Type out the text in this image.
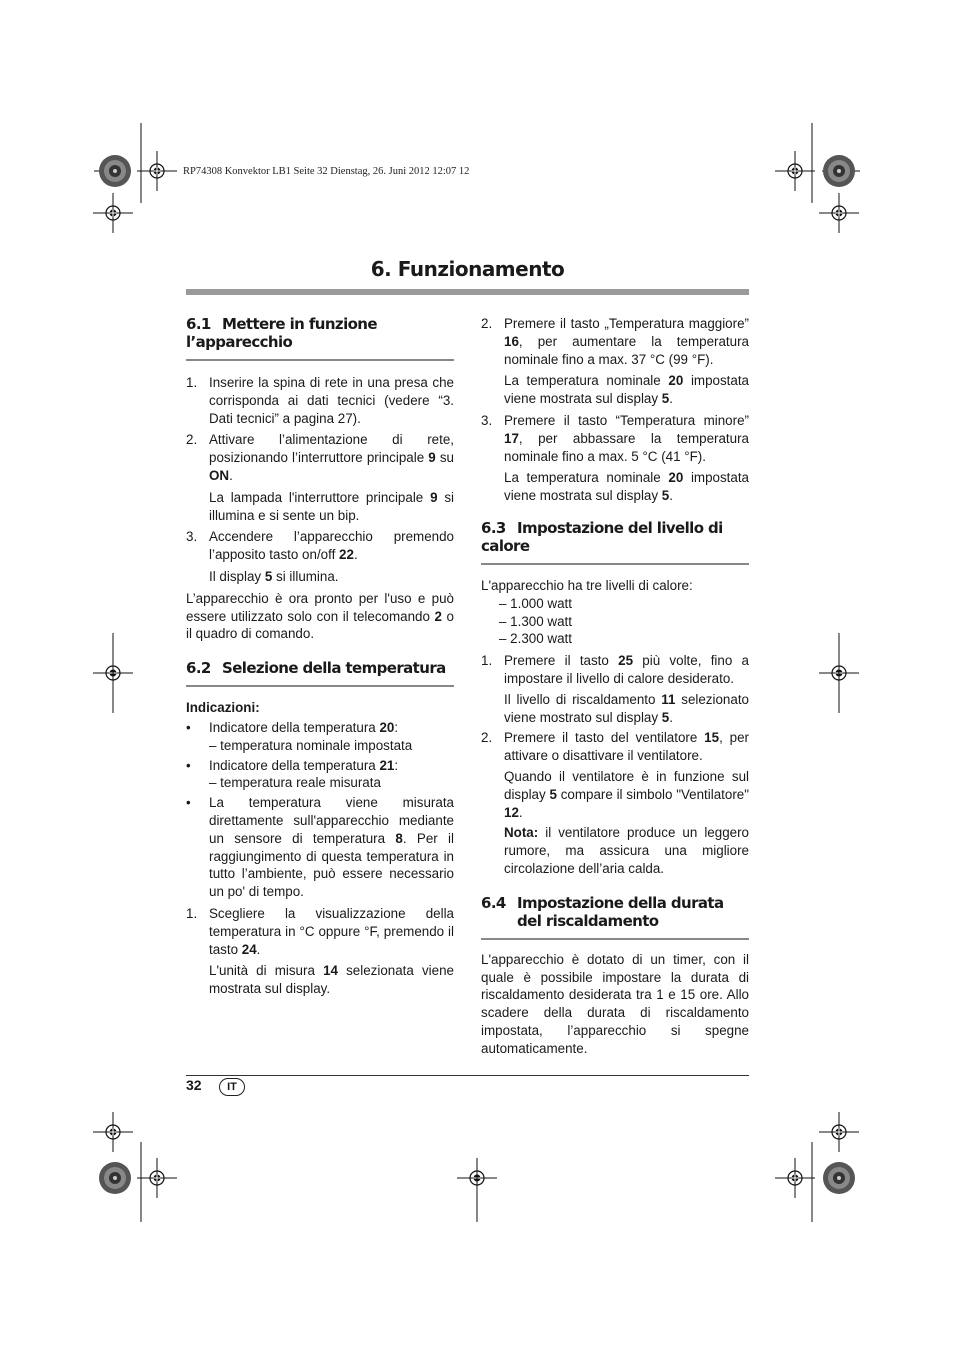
RP74308 Konvektor LB1 Seite 32 Dienstag, 26. Juni 2012 12:07 12
6. Funzionamento
6.1 Mettere in funzione l’apparecchio
1. Inserire la spina di rete in una presa che corrisponda ai dati tecnici (vedere “3. Dati tecnici” a pagina 27).
2. Attivare l’alimentazione di rete, posizionando l’interruttore principale 9 su ON.
La lampada l'interruttore principale 9 si illumina e si sente un bip.
3. Accendere l’apparecchio premendo l’apposito tasto on/off 22.
Il display 5 si illumina.
L’apparecchio è ora pronto per l'uso e può essere utilizzato solo con il telecomando 2 o il quadro di comando.
6.2 Selezione della temperatura
Indicazioni:
• Indicatore della temperatura 20:
– temperatura nominale impostata
• Indicatore della temperatura 21:
– temperatura reale misurata
• La temperatura viene misurata direttamente sull'apparecchio mediante un sensore di temperatura 8. Per il raggiungimento di questa temperatura in tutto l’ambiente, può essere necessario un po' di tempo.
1. Scegliere la visualizzazione della temperatura in °C oppure °F, premendo il tasto 24.
L'unità di misura 14 selezionata viene mostrata sul display.
2. Premere il tasto „Temperatura maggiore” 16, per aumentare la temperatura nominale fino a max. 37 °C (99 °F).
La temperatura nominale 20 impostata viene mostrata sul display 5.
3. Premere il tasto “Temperatura minore” 17, per abbassare la temperatura nominale fino a max. 5 °C (41 °F).
La temperatura nominale 20 impostata viene mostrata sul display 5.
6.3 Impostazione del livello di calore
L'apparecchio ha tre livelli di calore:
– 1.000 watt
– 1.300 watt
– 2.300 watt
1. Premere il tasto 25 più volte, fino a impostare il livello di calore desiderato.
Il livello di riscaldamento 11 selezionato viene mostrato sul display 5.
2. Premere il tasto del ventilatore 15, per attivare o disattivare il ventilatore.
Quando il ventilatore è in funzione sul display 5 compare il simbolo "Ventilatore" 12.
Nota: il ventilatore produce un leggero rumore, ma assicura una migliore circolazione dell’aria calda.
6.4 Impostazione della durata del riscaldamento
L'apparecchio è dotato di un timer, con il quale è possibile impostare la durata di riscaldamento desiderata tra 1 e 15 ore. Allo scadere della durata di riscaldamento impostata, l’apparecchio si spegne automaticamente.
32	IT
